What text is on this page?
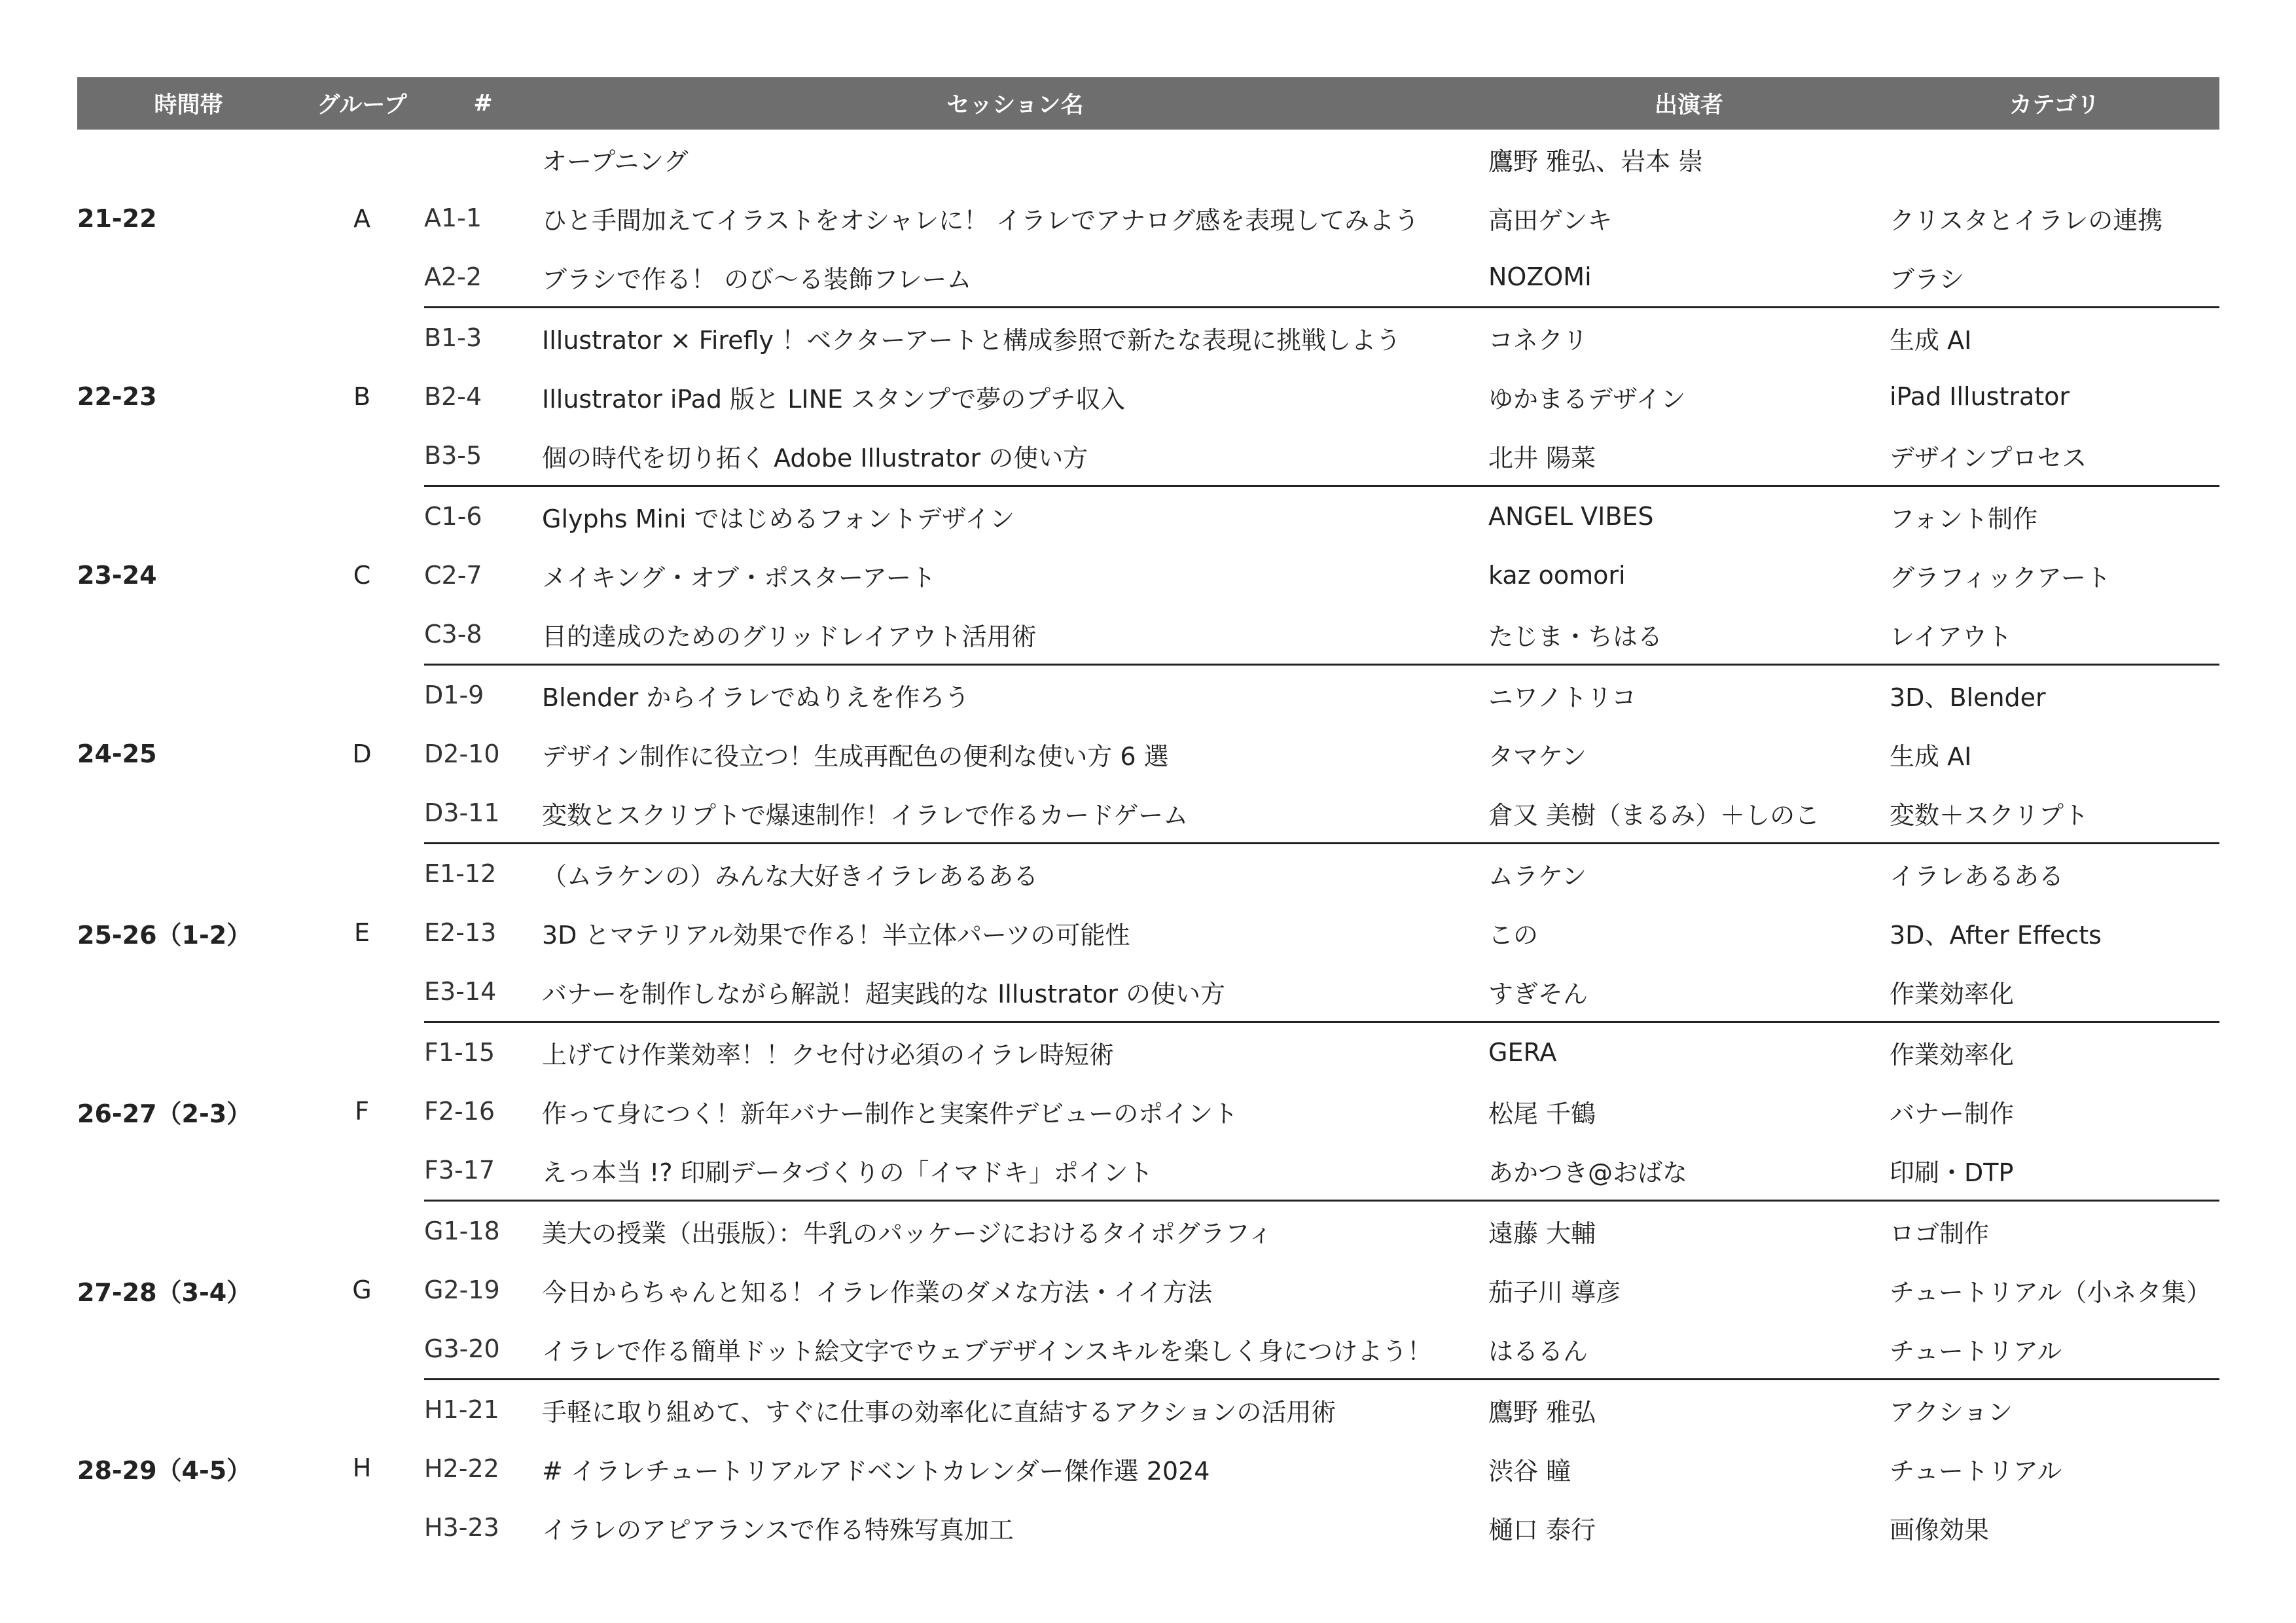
時間帯	グループ	#	セッション名	出演者	カテゴリ
21-22	A		オープニング	鷹野 雅弘、岩本 崇	
		A1-1	ひと手間加えてイラストをオシャレに！ イラレでアナログ感を表現してみよう	高田ゲンキ	クリスタとイラレの連携
		A2-2	ブラシで作る！ のび〜る装飾フレーム	NOZOMi	ブラシ
22-23	B	B1-3	Illustrator × Firefly ！ベクターアートと構成参照で新たな表現に挑戦しよう	コネクリ	生成 AI
		B2-4	Illustrator iPad 版と LINE スタンプで夢のプチ収入	ゆかまるデザイン	iPad Illustrator
		B3-5	個の時代を切り拓く Adobe Illustrator の使い方	北井 陽菜	デザインプロセス
23-24	C	C1-6	Glyphs Mini ではじめるフォントデザイン	ANGEL VIBES	フォント制作
		C2-7	メイキング・オブ・ポスターアート	kaz oomori	グラフィックアート
		C3-8	目的達成のためのグリッドレイアウト活用術	たじま・ちはる	レイアウト
24-25	D	D1-9	Blender からイラレでぬりえを作ろう	ニワノトリコ	3D、Blender
		D2-10	デザイン制作に役立つ！生成再配色の便利な使い方 6 選	タマケン	生成 AI
		D3-11	変数とスクリプトで爆速制作！イラレで作るカードゲーム	倉又 美樹（まるみ）＋しのこ	変数＋スクリプト
25-26（1-2）	E	E1-12	（ムラケンの）みんな大好きイラレあるある	ムラケン	イラレあるある
		E2-13	3D とマテリアル効果で作る！半立体パーツの可能性	この	3D、After Effects
		E3-14	バナーを制作しながら解説！超実践的な Illustrator の使い方	すぎそん	作業効率化
26-27（2-3）	F	F1-15	上げてけ作業効率！！クセ付け必須のイラレ時短術	GERA	作業効率化
		F2-16	作って身につく！新年バナー制作と実案件デビューのポイント	松尾 千鶴	バナー制作
		F3-17	えっ本当 !? 印刷データづくりの「イマドキ」ポイント	あかつき@おばな	印刷・DTP
27-28（3-4）	G	G1-18	美大の授業（出張版）：牛乳のパッケージにおけるタイポグラフィ	遠藤 大輔	ロゴ制作
		G2-19	今日からちゃんと知る！イラレ作業のダメな方法・イイ方法	茄子川 導彦	チュートリアル（小ネタ集）
		G3-20	イラレで作る簡単ドット絵文字でウェブデザインスキルを楽しく身につけよう！	はるるん	チュートリアル
28-29（4-5）	H	H1-21	手軽に取り組めて、すぐに仕事の効率化に直結するアクションの活用術	鷹野 雅弘	アクション
		H2-22	# イラレチュートリアルアドベントカレンダー傑作選 2024	渋谷 瞳	チュートリアル
		H3-23	イラレのアピアランスで作る特殊写真加工	樋口 泰行	画像効果
